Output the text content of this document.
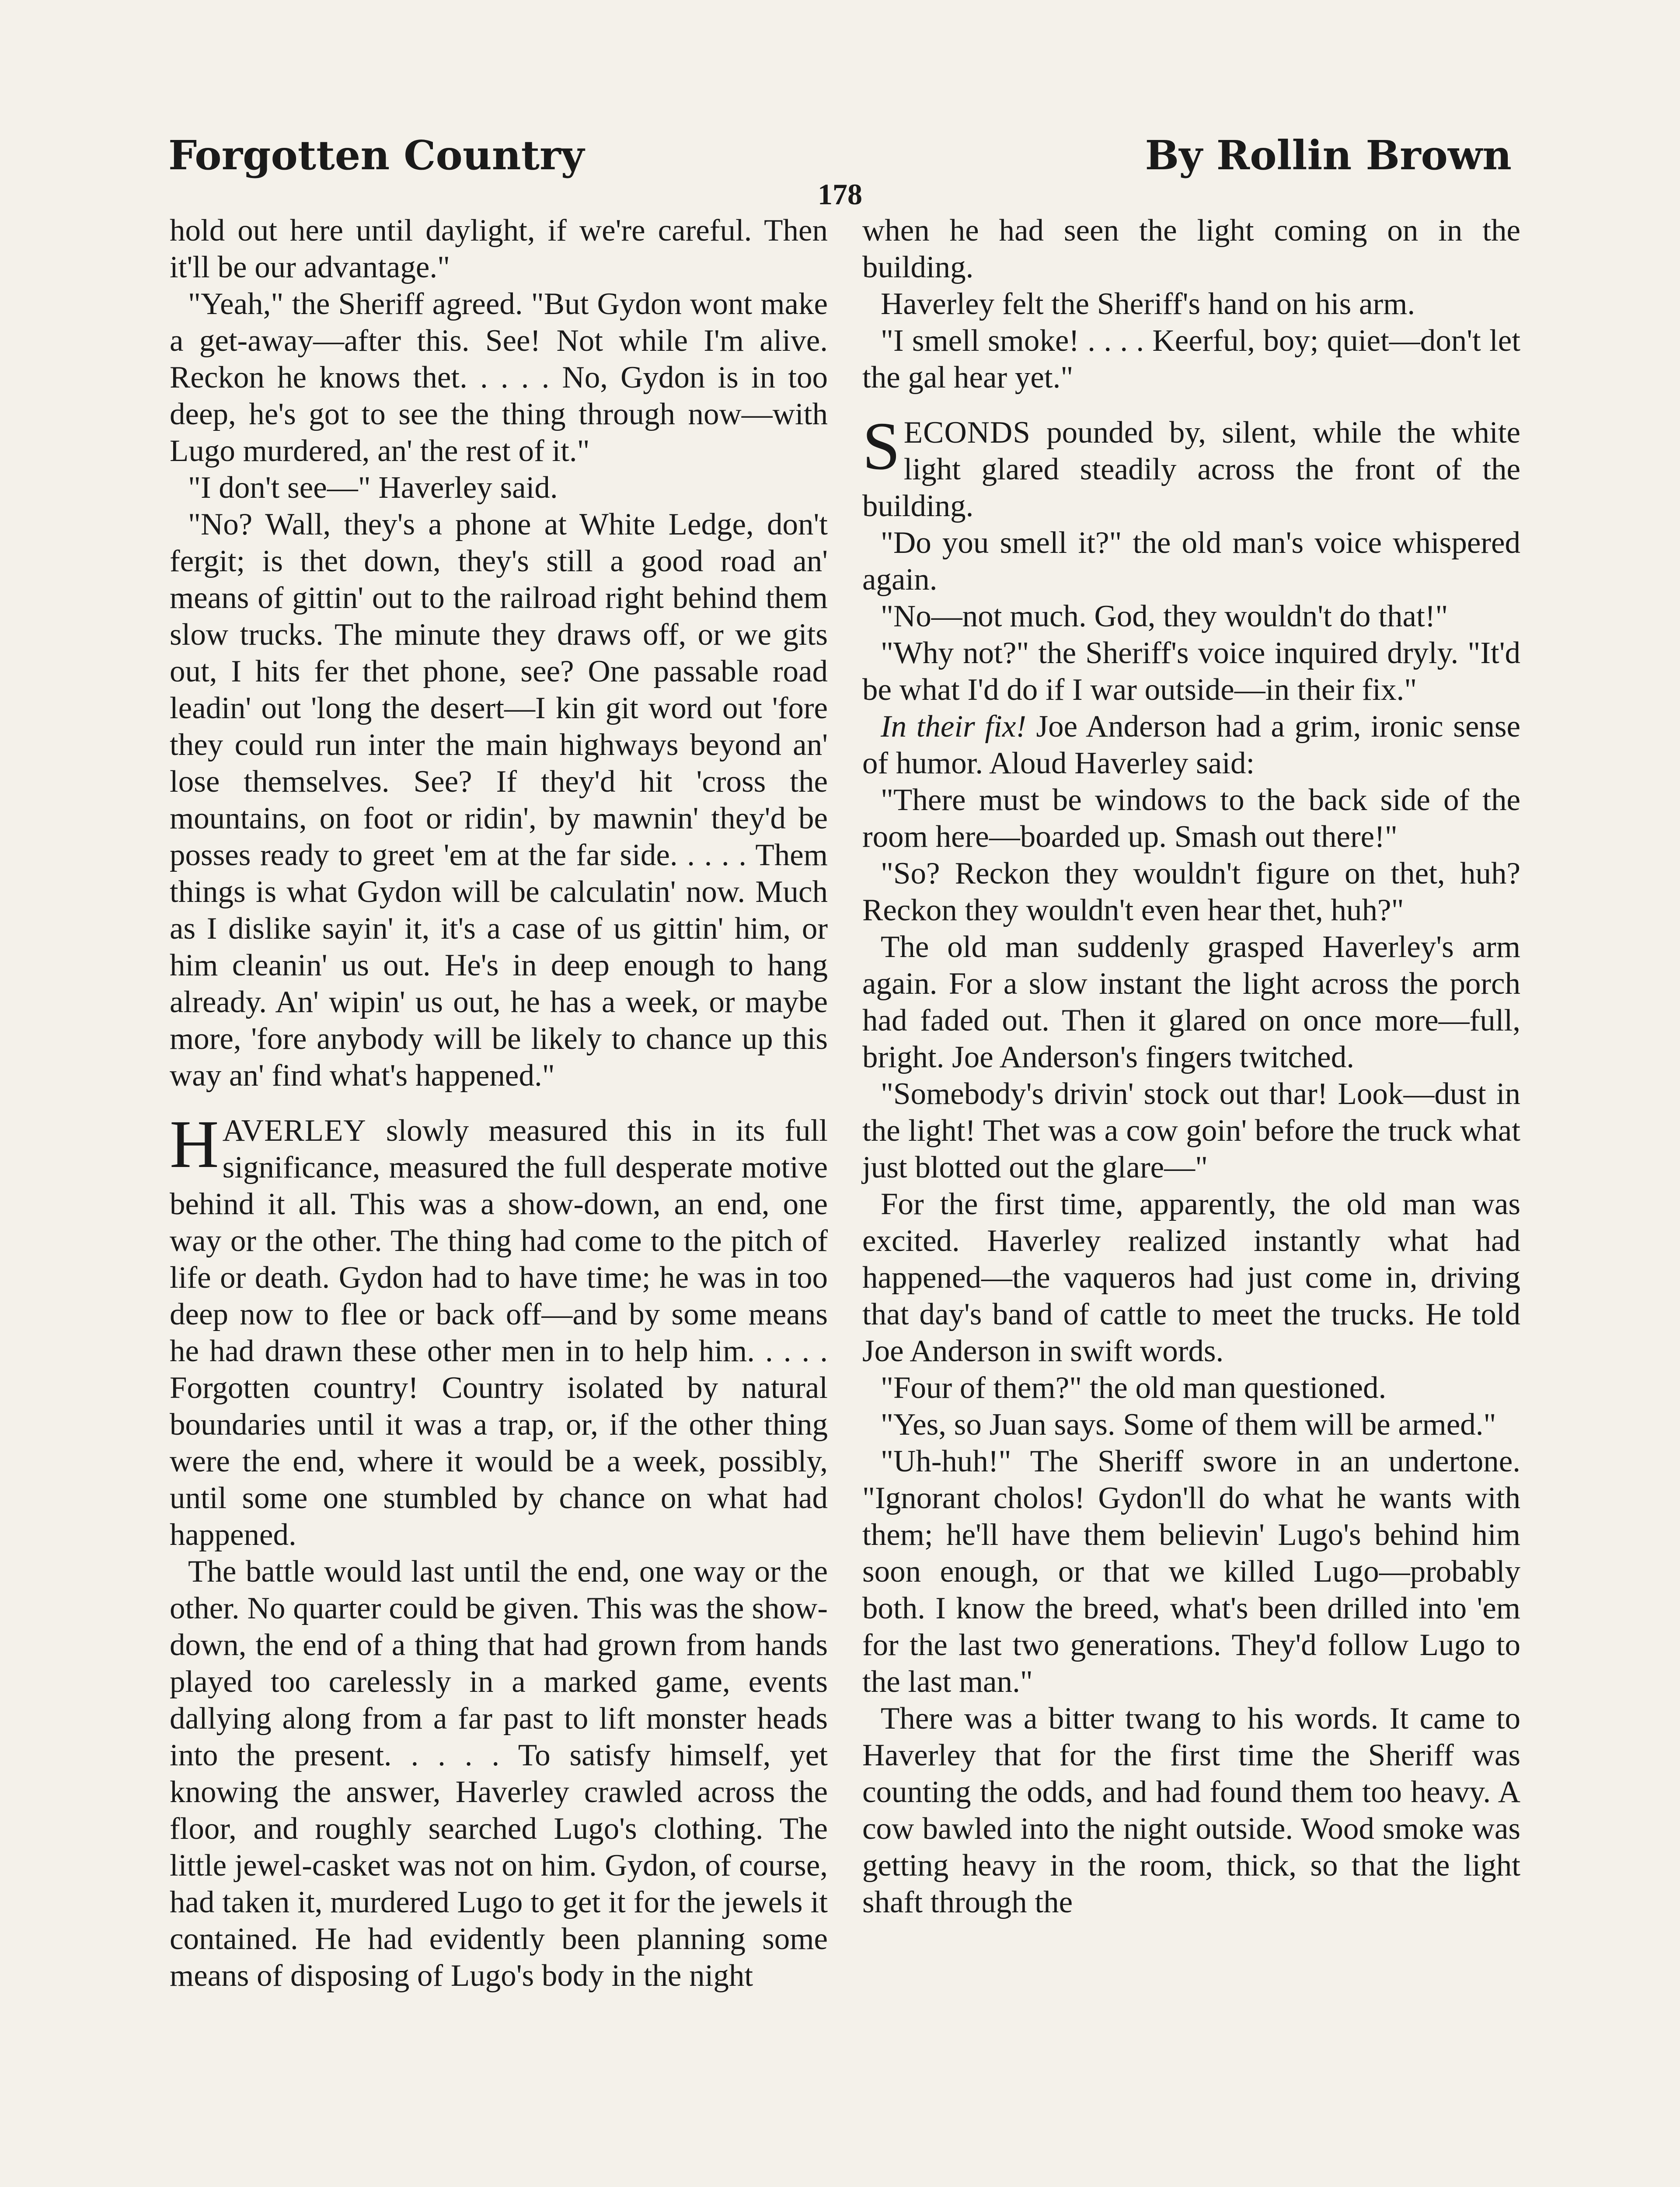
Forgotten Country	By Rollin Brown
178

hold out here until daylight, if we're careful. Then it'll be our advantage."

"Yeah," the Sheriff agreed. "But Gydon wont make a get-away—after this. See! Not while I'm alive. Reckon he knows thet. . . . . No, Gydon is in too deep, he's got to see the thing through now—with Lugo murdered, an' the rest of it."

"I don't see—" Haverley said.

"No? Wall, they's a phone at White Ledge, don't fergit; is thet down, they's still a good road an' means of gittin' out to the railroad right behind them slow trucks. The minute they draws off, or we gits out, I hits fer thet phone, see? One passable road leadin' out 'long the desert—I kin git word out 'fore they could run inter the main highways beyond an' lose themselves. See? If they'd hit 'cross the mountains, on foot or ridin', by mawnin' they'd be posses ready to greet 'em at the far side. . . . . Them things is what Gydon will be calculatin' now. Much as I dislike sayin' it, it's a case of us gittin' him, or him cleanin' us out. He's in deep enough to hang already. An' wipin' us out, he has a week, or maybe more, 'fore anybody will be likely to chance up this way an' find what's happened."

HAVERLEY slowly measured this in its full significance, measured the full desperate motive behind it all. This was a show-down, an end, one way or the other. The thing had come to the pitch of life or death. Gydon had to have time; he was in too deep now to flee or back off—and by some means he had drawn these other men in to help him. . . . . Forgotten country! Country isolated by natural boundaries until it was a trap, or, if the other thing were the end, where it would be a week, possibly, until some one stumbled by chance on what had happened.

The battle would last until the end, one way or the other. No quarter could be given. This was the show-down, the end of a thing that had grown from hands played too carelessly in a marked game, events dallying along from a far past to lift monster heads into the present. . . . . To satisfy himself, yet knowing the answer, Haverley crawled across the floor, and roughly searched Lugo's clothing. The little jewel-casket was not on him. Gydon, of course, had taken it, murdered Lugo to get it for the jewels it contained. He had evidently been planning some means of disposing of Lugo's body in the night

when he had seen the light coming on in the building.

Haverley felt the Sheriff's hand on his arm.

"I smell smoke! . . . . Keerful, boy; quiet—don't let the gal hear yet."

SECONDS pounded by, silent, while the white light glared steadily across the front of the building.

"Do you smell it?" the old man's voice whispered again.

"No—not much. God, they wouldn't do that!"

"Why not?" the Sheriff's voice inquired dryly. "It'd be what I'd do if I war outside—in their fix."

In their fix! Joe Anderson had a grim, ironic sense of humor. Aloud Haverley said:

"There must be windows to the back side of the room here—boarded up. Smash out there!"

"So? Reckon they wouldn't figure on thet, huh? Reckon they wouldn't even hear thet, huh?"

The old man suddenly grasped Haverley's arm again. For a slow instant the light across the porch had faded out. Then it glared on once more—full, bright. Joe Anderson's fingers twitched.

"Somebody's drivin' stock out thar! Look—dust in the light! Thet was a cow goin' before the truck what just blotted out the glare—"

For the first time, apparently, the old man was excited. Haverley realized instantly what had happened—the vaqueros had just come in, driving that day's band of cattle to meet the trucks. He told Joe Anderson in swift words.

"Four of them?" the old man questioned.

"Yes, so Juan says. Some of them will be armed."

"Uh-huh!" The Sheriff swore in an undertone. "Ignorant cholos! Gydon'll do what he wants with them; he'll have them believin' Lugo's behind him soon enough, or that we killed Lugo—probably both. I know the breed, what's been drilled into 'em for the last two generations. They'd follow Lugo to the last man."

There was a bitter twang to his words. It came to Haverley that for the first time the Sheriff was counting the odds, and had found them too heavy. A cow bawled into the night outside. Wood smoke was getting heavy in the room, thick, so that the light shaft through the
